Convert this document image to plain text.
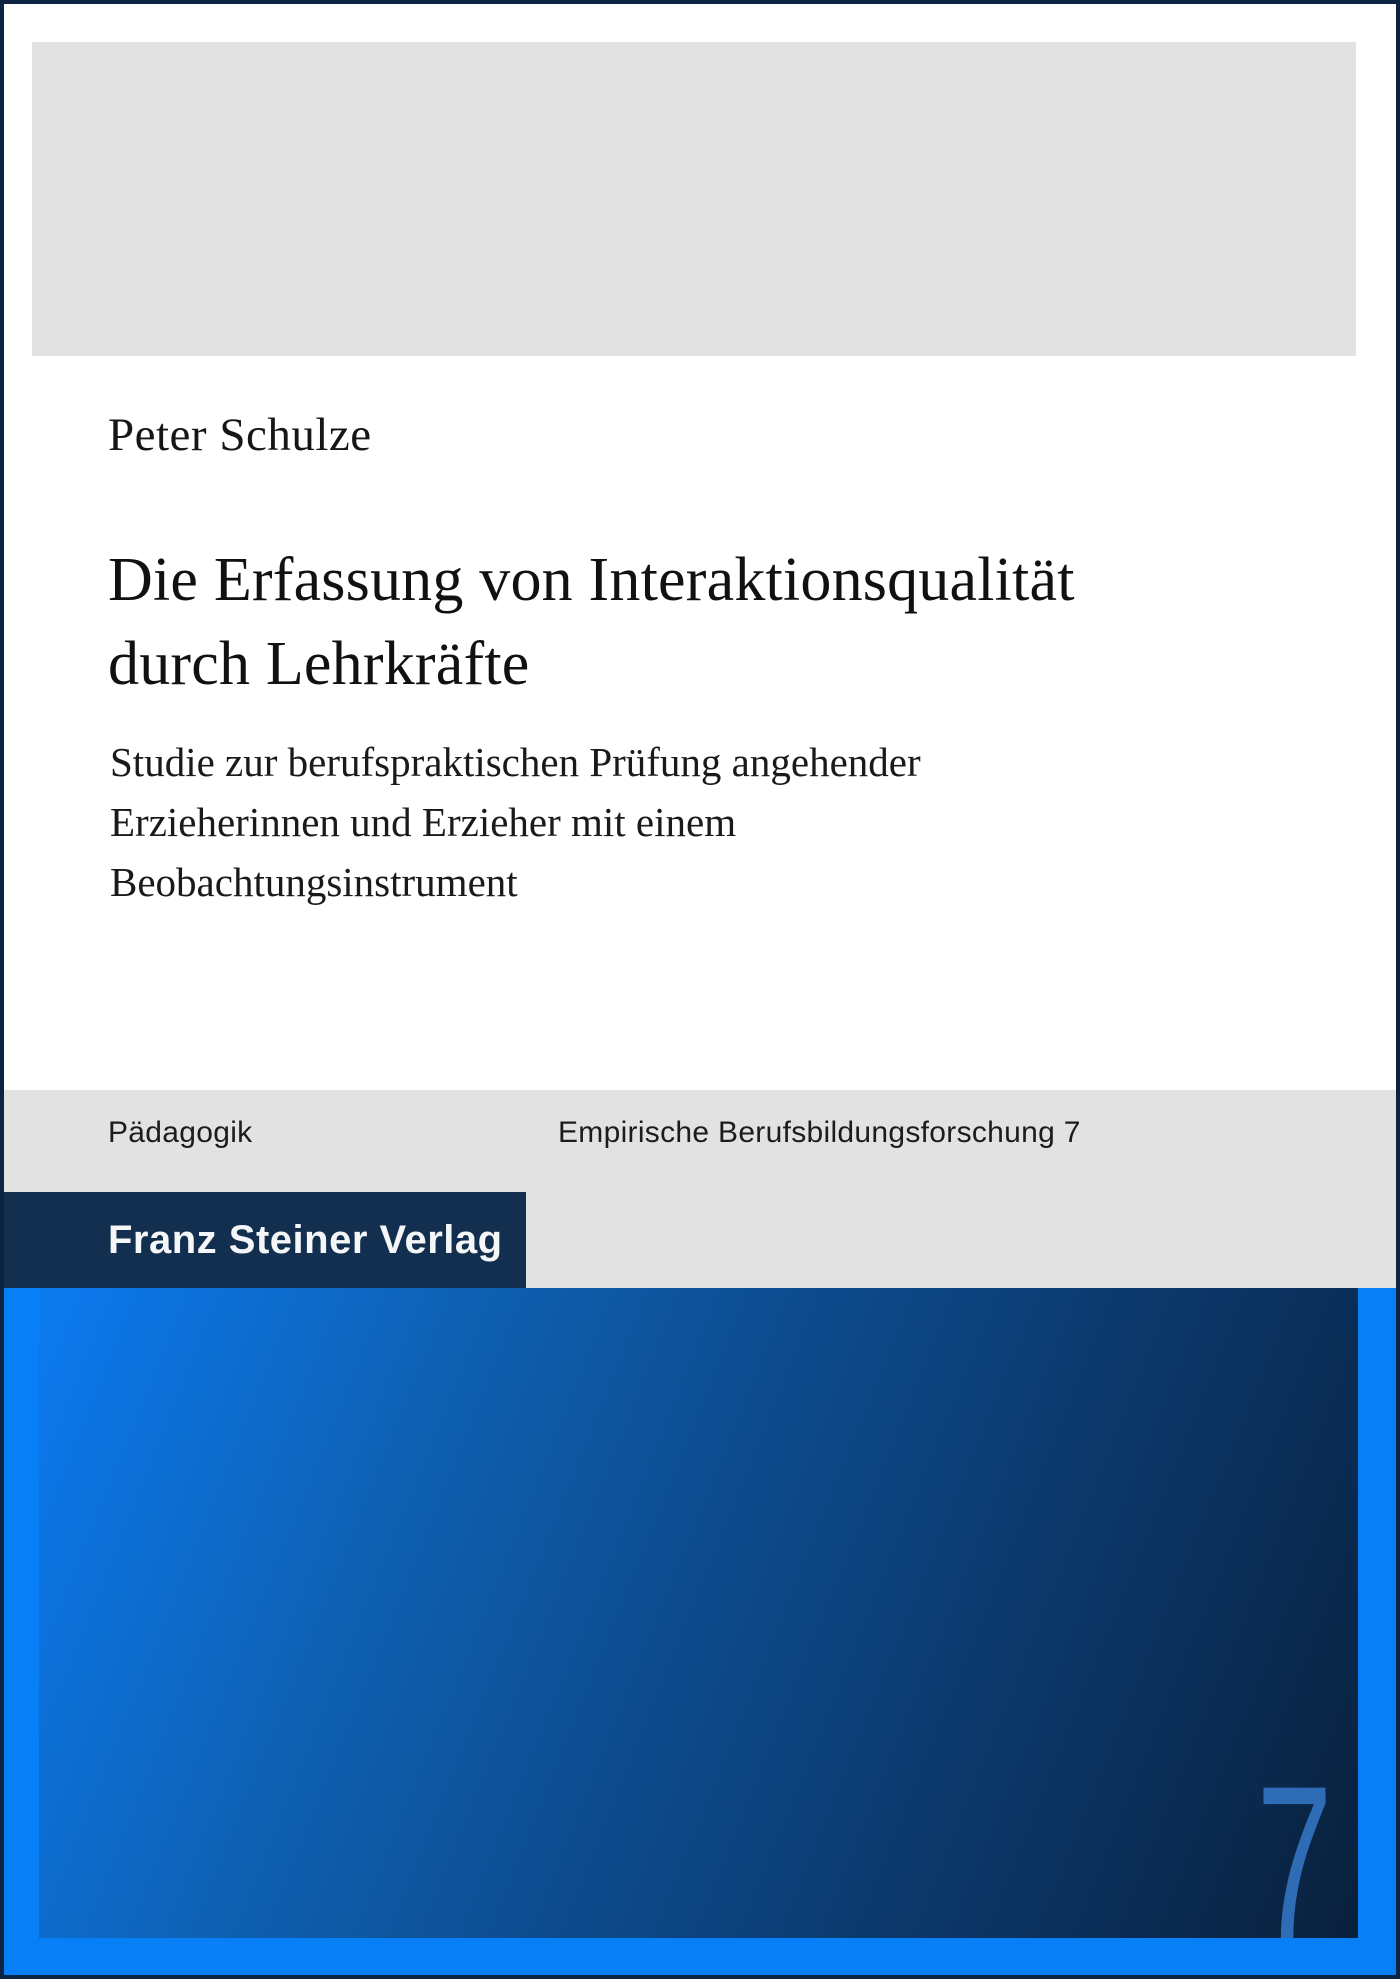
Peter Schulze
Die Erfassung von Interaktionsqualität
durch Lehrkräfte
Studie zur berufspraktischen Prüfung angehender
Erzieherinnen und Erzieher mit einem
Beobachtungsinstrument
Pädagogik	Empirische Berufsbildungsforschung 7
Franz Steiner Verlag
7
